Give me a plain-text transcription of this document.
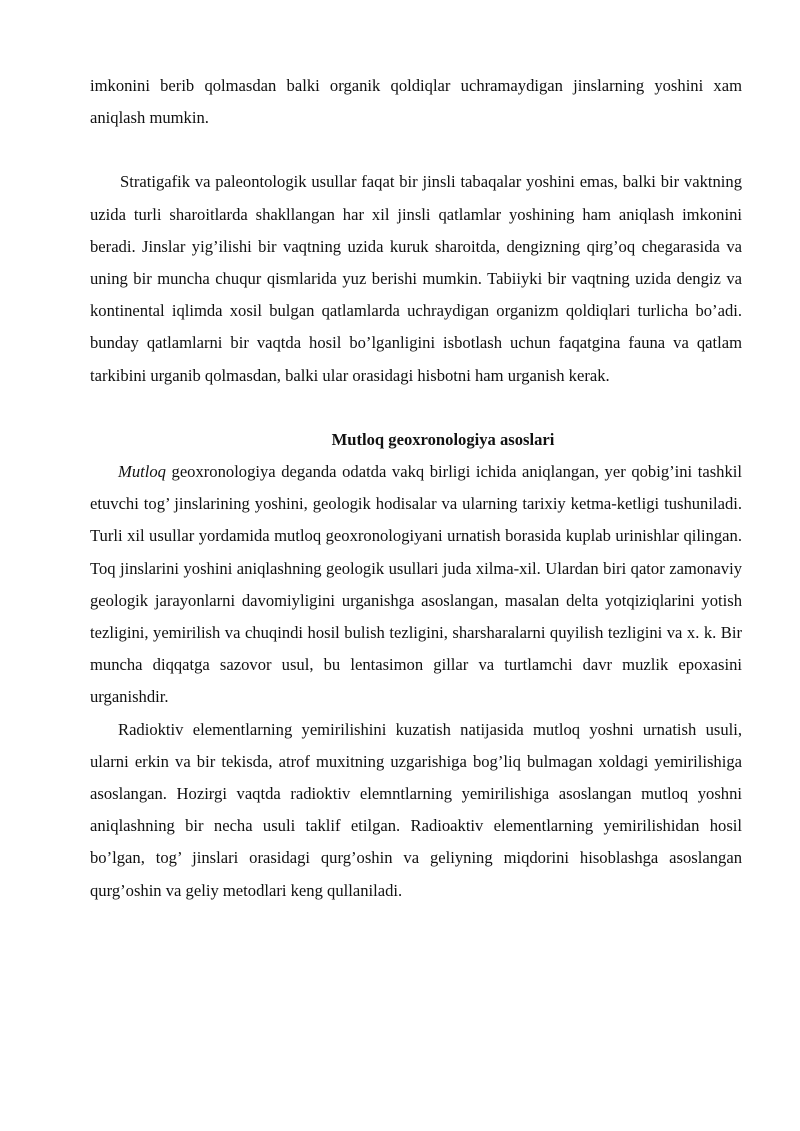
imkonini berib qolmasdan balki organik qoldiqlar uchramaydigan jinslarning yoshini xam aniqlash mumkin.

Stratigafik va paleontologik usullar faqat bir jinsli tabaqalar yoshini emas, balki bir vaktning uzida turli sharoitlarda shakllangan har xil jinsli qatlamlar yoshining ham aniqlash imkonini beradi. Jinslar yig’ilishi bir vaqtning uzida kuruk sharoitda, dengizning qirg’oq chegarasida va uning bir muncha chuqur qismlarida yuz berishi mumkin. Tabiiyki bir vaqtning uzida dengiz va kontinental iqlimda xosil bulgan qatlamlarda uchraydigan organizm qoldiqlari turlicha bo’adi. bunday qatlamlarni bir vaqtda hosil bo’lganligini isbotlash uchun faqatgina fauna va qatlam tarkibini urganib qolmasdan, balki ular orasidagi hisbotni ham urganish kerak.

Mutloq geoxronologiya asoslari

Mutloq geoxronologiya deganda odatda vakq birligi ichida aniqlangan, yer qobig’ini tashkil etuvchi tog’ jinslarining yoshini, geologik hodisalar va ularning tarixiy ketma-ketligi tushuniladi. Turli xil usullar yordamida mutloq geoxronologiyani urnatish borasida kuplab urinishlar qilingan. Toq jinslarini yoshini aniqlashning geologik usullari juda xilma-xil. Ulardan biri qator zamonaviy geologik jarayonlarni davomiyligini urganishga asoslangan, masalan delta yotqiziqlarini yotish tezligini, yemirilish va chuqindi hosil bulish tezligini, sharsharalarni quyilish tezligini va x. k. Bir muncha diqqatga sazovor usul, bu lentasimon gillar va turtlamchi davr muzlik epoxasini urganishdir.

Radioktiv elementlarning yemirilishini kuzatish natijasida mutloq yoshni urnatish usuli, ularni erkin va bir tekisda, atrof muxitning uzgarishiga bog’liq bulmagan xoldagi yemirilishiga asoslangan. Hozirgi vaqtda radioktiv elemntlarning yemirilishiga asoslangan mutloq yoshni aniqlashning bir necha usuli taklif etilgan. Radioaktiv elementlarning yemirilishidan hosil bo’lgan, tog’ jinslari orasidagi qurg’oshin va geliyning miqdorini hisoblashga asoslangan qurg’oshin va geliy metodlari keng qullaniladi.
